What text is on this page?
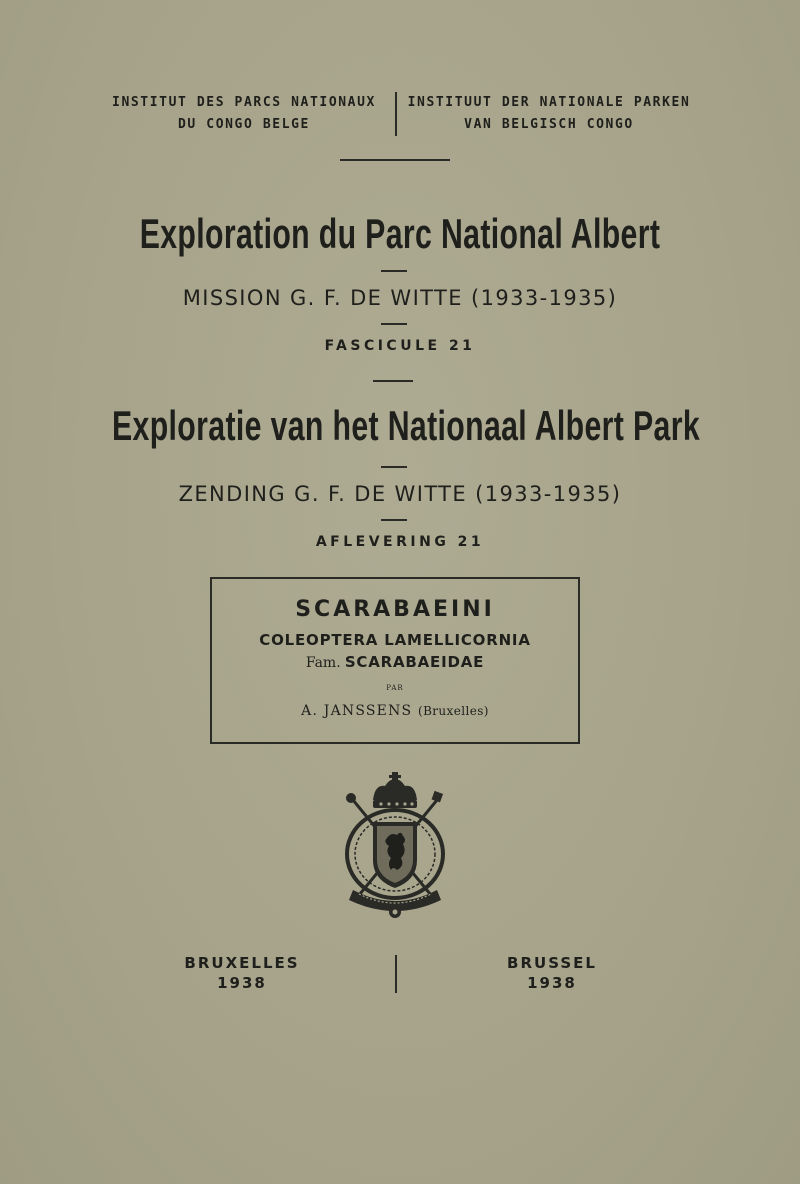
INSTITUT DES PARCS NATIONAUX
DU CONGO BELGE
INSTITUUT DER NATIONALE PARKEN
VAN BELGISCH CONGO
Exploration du Parc National Albert
MISSION G. F. DE WITTE (1933-1935)
FASCICULE 21
Exploratie van het Nationaal Albert Park
ZENDING G. F. DE WITTE (1933-1935)
AFLEVERING 21
SCARABAEINI
COLEOPTERA LAMELLICORNIA
Fam. SCARABAEIDAE
PAR
A. JANSSENS (Bruxelles)
BRUXELLES
1938
BRUSSEL
1938
